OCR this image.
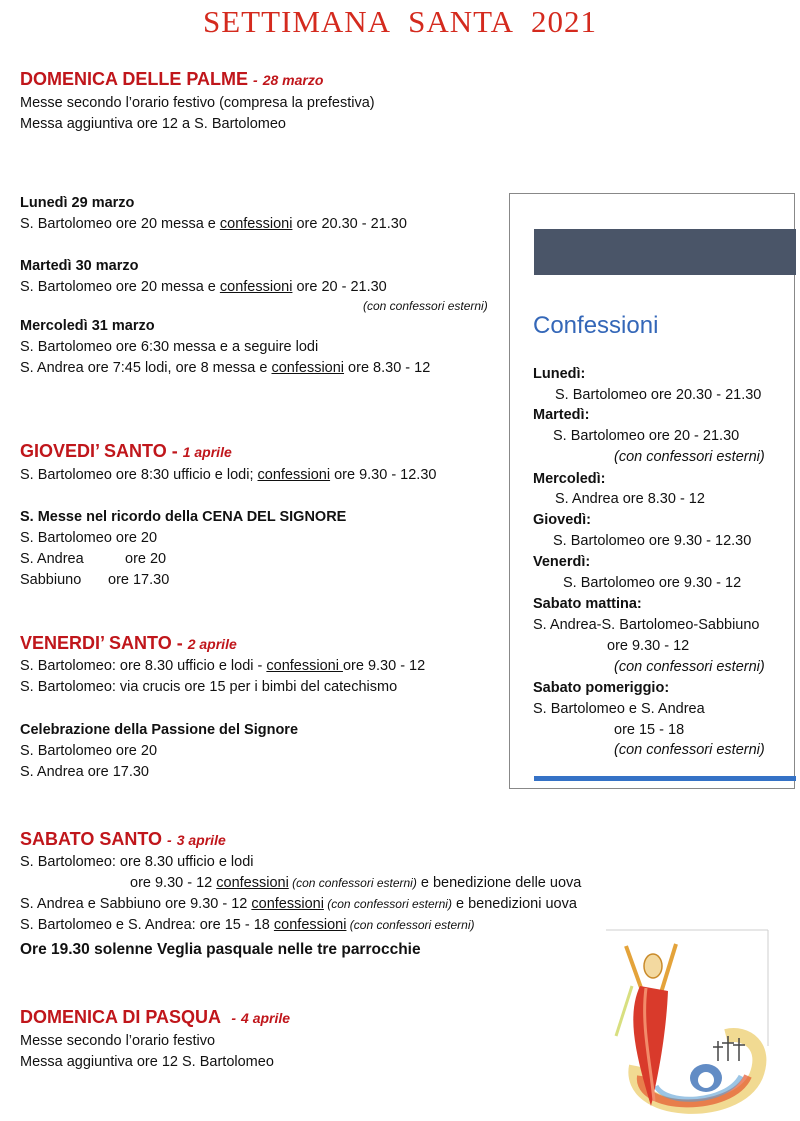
SETTIMANA SANTA 2021
DOMENICA DELLE PALME - 28 marzo
Messe secondo l’orario festivo (compresa la prefestiva)
Messa aggiuntiva ore 12 a S. Bartolomeo
Lunedì 29 marzo
S. Bartolomeo ore 20 messa e confessioni ore 20.30 - 21.30
Martedì 30 marzo
S. Bartolomeo ore 20 messa e confessioni ore 20 - 21.30
(con confessori esterni)
Mercoledì 31 marzo
S. Bartolomeo ore 6:30 messa e a seguire lodi
S. Andrea ore 7:45 lodi, ore 8 messa e confessioni ore 8.30 - 12
GIOVEDI’ SANTO - 1 aprile
S. Bartolomeo ore 8:30 ufficio e lodi; confessioni ore 9.30 - 12.30
S. Messe nel ricordo della CENA DEL SIGNORE
S. Bartolomeo ore 20
S. Andrea	ore 20
Sabbiuno ore 17.30
VENERDI’ SANTO - 2 aprile
S. Bartolomeo: ore 8.30 ufficio e lodi - confessioni ore 9.30 - 12
S. Bartolomeo: via crucis ore 15 per i bimbi del catechismo
Celebrazione della Passione del Signore
S. Bartolomeo ore 20
S. Andrea ore 17.30
SABATO SANTO - 3 aprile
S. Bartolomeo: ore 8.30 ufficio e lodi
ore 9.30 - 12 confessioni (con confessori esterni) e benedizione delle uova
S. Andrea e Sabbiuno ore 9.30 - 12 confessioni (con confessori esterni) e benedizioni uova
S. Bartolomeo e S. Andrea: ore 15 - 18 confessioni (con confessori esterni)
Ore 19.30 solenne Veglia pasquale nelle tre parrocchie
DOMENICA DI PASQUA - 4 aprile
Messe secondo l’orario festivo
Messa aggiuntiva ore 12 S. Bartolomeo
Confessioni
Lunedì:
S. Bartolomeo ore 20.30 - 21.30
Martedì:
S. Bartolomeo ore 20 - 21.30
(con confessori esterni)
Mercoledì:
S. Andrea ore 8.30 - 12
Giovedì:
S. Bartolomeo ore 9.30 - 12.30
Venerdì:
S. Bartolomeo ore 9.30 - 12
Sabato mattina:
S. Andrea-S. Bartolomeo-Sabbiuno
ore 9.30 - 12
(con confessori esterni)
Sabato pomeriggio:
S. Bartolomeo e S. Andrea
ore 15 - 18
(con confessori esterni)
